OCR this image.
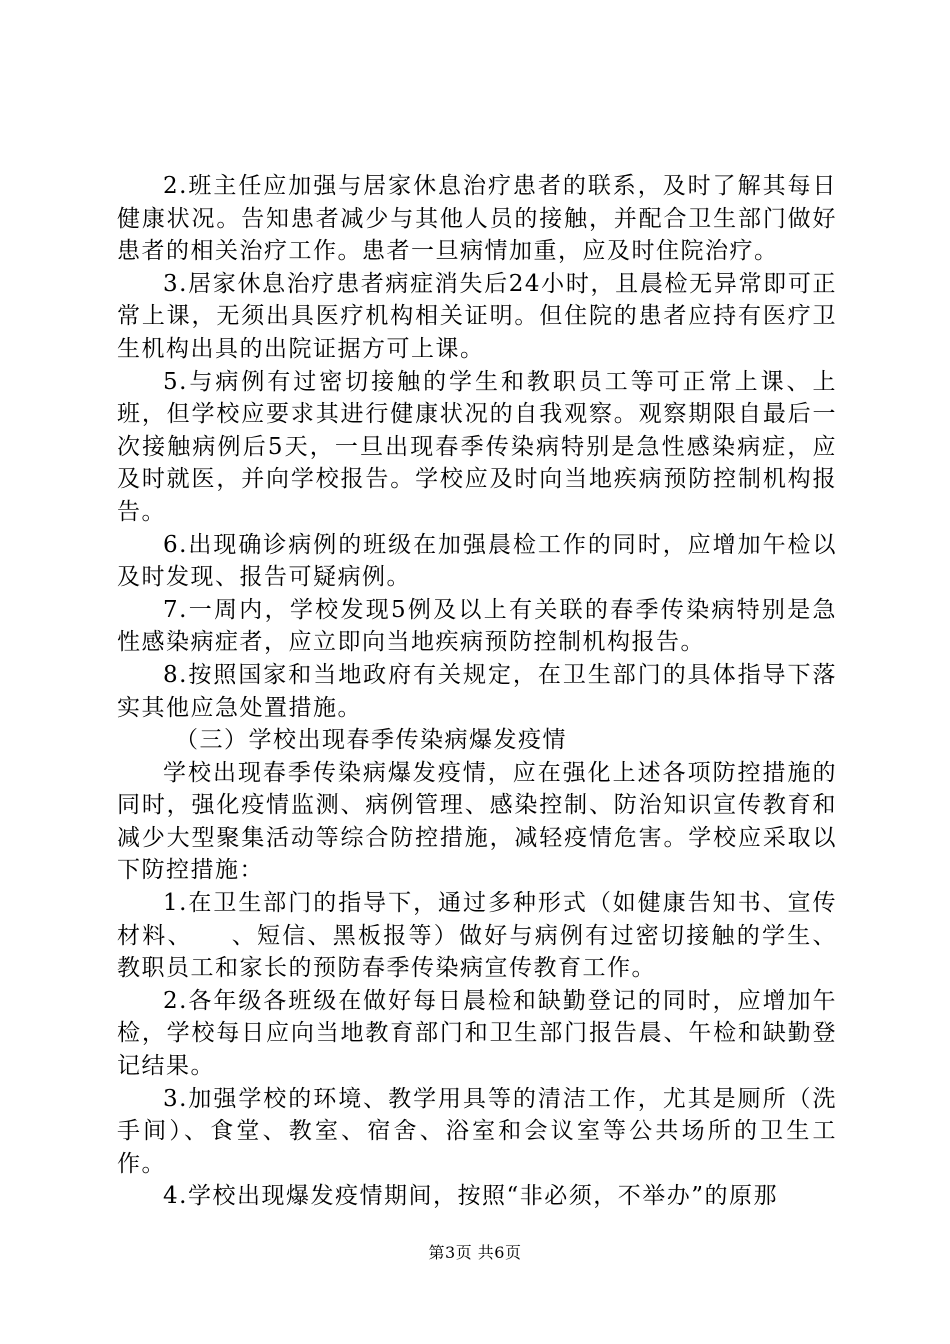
2.班主任应加强与居家休息治疗患者的联系，及时了解其每日健康状况。告知患者减少与其他人员的接触，并配合卫生部门做好患者的相关治疗工作。患者一旦病情加重，应及时住院治疗。

3.居家休息治疗患者病症消失后24小时，且晨检无异常即可正常上课，无须出具医疗机构相关证明。但住院的患者应持有医疗卫生机构出具的出院证据方可上课。

5.与病例有过密切接触的学生和教职员工等可正常上课、上班，但学校应要求其进行健康状况的自我观察。观察期限自最后一次接触病例后5天，一旦出现春季传染病特别是急性感染病症，应及时就医，并向学校报告。学校应及时向当地疾病预防控制机构报告。

6.出现确诊病例的班级在加强晨检工作的同时，应增加午检以及时发现、报告可疑病例。

7.一周内，学校发现5例及以上有关联的春季传染病特别是急性感染病症者，应立即向当地疾病预防控制机构报告。

8.按照国家和当地政府有关规定，在卫生部门的具体指导下落实其他应急处置措施。

（三）学校出现春季传染病爆发疫情

学校出现春季传染病爆发疫情，应在强化上述各项防控措施的同时，强化疫情监测、病例管理、感染控制、防治知识宣传教育和减少大型聚集活动等综合防控措施，减轻疫情危害。学校应采取以下防控措施：

1.在卫生部门的指导下，通过多种形式（如健康告知书、宣传材料、　　、短信、黑板报等）做好与病例有过密切接触的学生、教职员工和家长的预防春季传染病宣传教育工作。

2.各年级各班级在做好每日晨检和缺勤登记的同时，应增加午检，学校每日应向当地教育部门和卫生部门报告晨、午检和缺勤登记结果。

3.加强学校的环境、教学用具等的清洁工作，尤其是厕所（洗手间）、食堂、教室、宿舍、浴室和会议室等公共场所的卫生工作。

4.学校出现爆发疫情期间，按照“非必须，不举办”的原那

第3页 共6页
